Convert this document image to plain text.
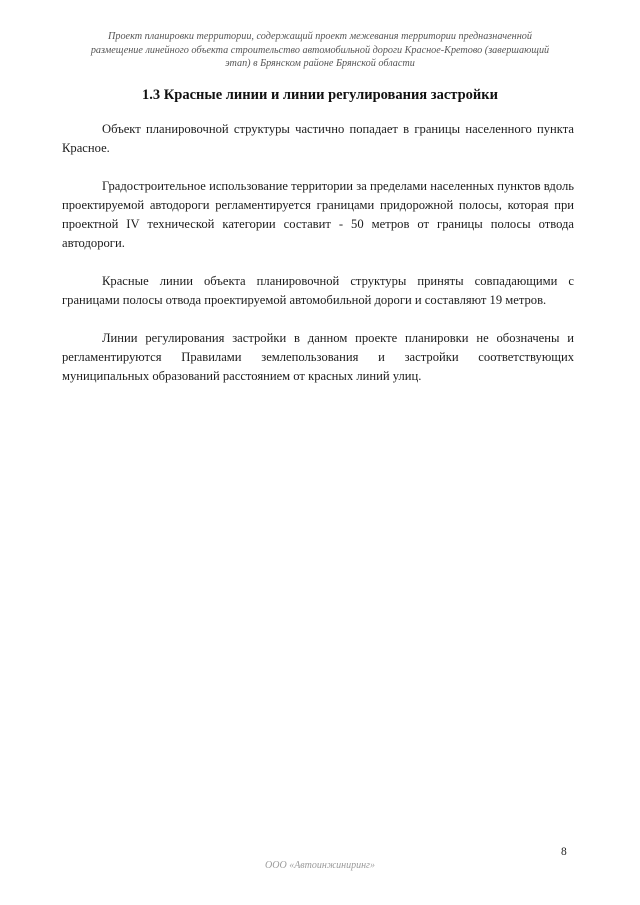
Проект планировки территории, содержащий проект межевания территории предназначенной
размещение линейного объекта строительство автомобильной дороги Красное-Кретово (завершающий
этап) в Брянском районе Брянской области
1.3 Красные линии и линии регулирования застройки

Объект планировочной структуры частично попадает в границы населенного пункта Красное.

Градостроительное использование территории за пределами населенных пунктов вдоль проектируемой автодороги регламентируется границами придорожной полосы, которая при проектной IV технической категории составит - 50 метров от границы полосы отвода автодороги.

Красные линии объекта планировочной структуры приняты совпадающими с границами полосы отвода проектируемой автомобильной дороги и составляют 19 метров.

Линии регулирования застройки в данном проекте планировки не обозначены и регламентируются Правилами землепользования и застройки соответствующих муниципальных образований расстоянием от красных линий улиц.

8
ООО «Автоинжиниринг»
